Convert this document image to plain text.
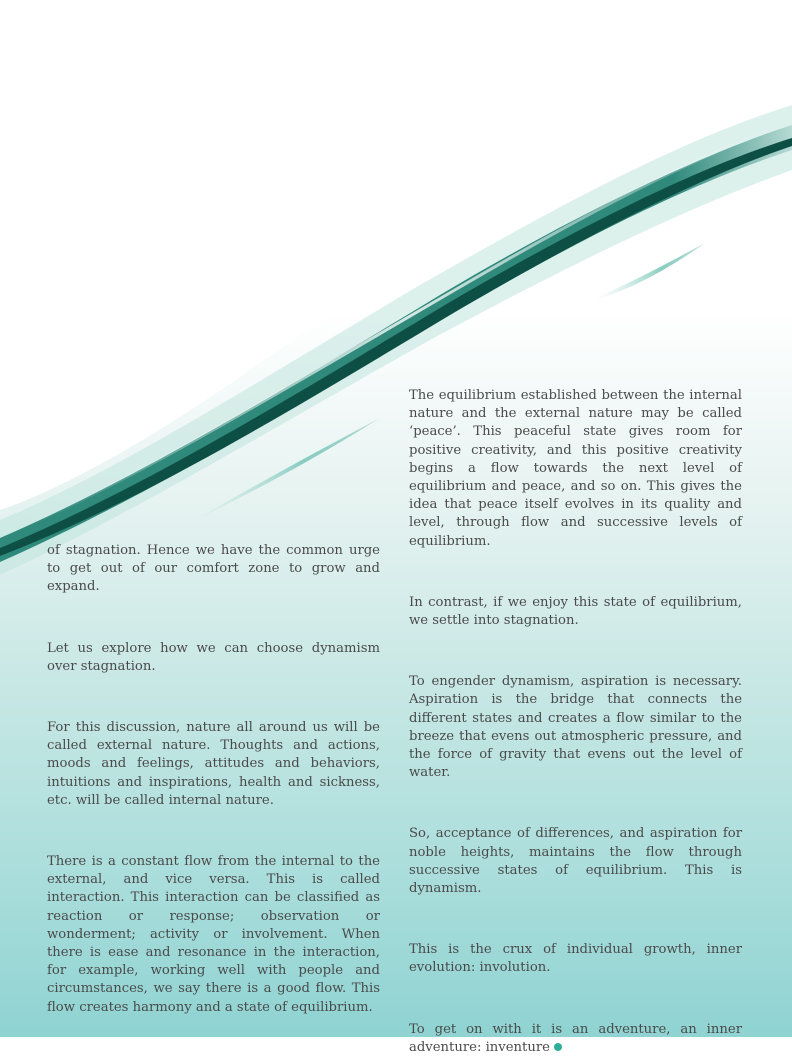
of stagnation. Hence we have the common urge to get out of our comfort zone to grow and expand.

Let us explore how we can choose dynamism over stagnation.

For this discussion, nature all around us will be called external nature. Thoughts and actions, moods and feelings, attitudes and behaviors, intuitions and inspirations, health and sickness, etc. will be called internal nature.

There is a constant flow from the internal to the external, and vice versa. This is called interaction. This interaction can be classified as reaction or response; observation or wonderment; activity or involvement. When there is ease and resonance in the interaction, for example, working well with people and circumstances, we say there is a good flow. This flow creates harmony and a state of equilibrium.

The equilibrium established between the internal nature and the external nature may be called ‘peace’. This peaceful state gives room for positive creativity, and this positive creativity begins a flow towards the next level of equilibrium and peace, and so on. This gives the idea that peace itself evolves in its quality and level, through flow and successive levels of equilibrium.

In contrast, if we enjoy this state of equilibrium, we settle into stagnation.

To engender dynamism, aspiration is necessary. Aspiration is the bridge that connects the different states and creates a flow similar to the breeze that evens out atmospheric pressure, and the force of gravity that evens out the level of water.

So, acceptance of differences, and aspiration for noble heights, maintains the flow through successive states of equilibrium. This is dynamism.

This is the crux of individual growth, inner evolution: involution.

To get on with it is an adventure, an inner adventure: inventure
